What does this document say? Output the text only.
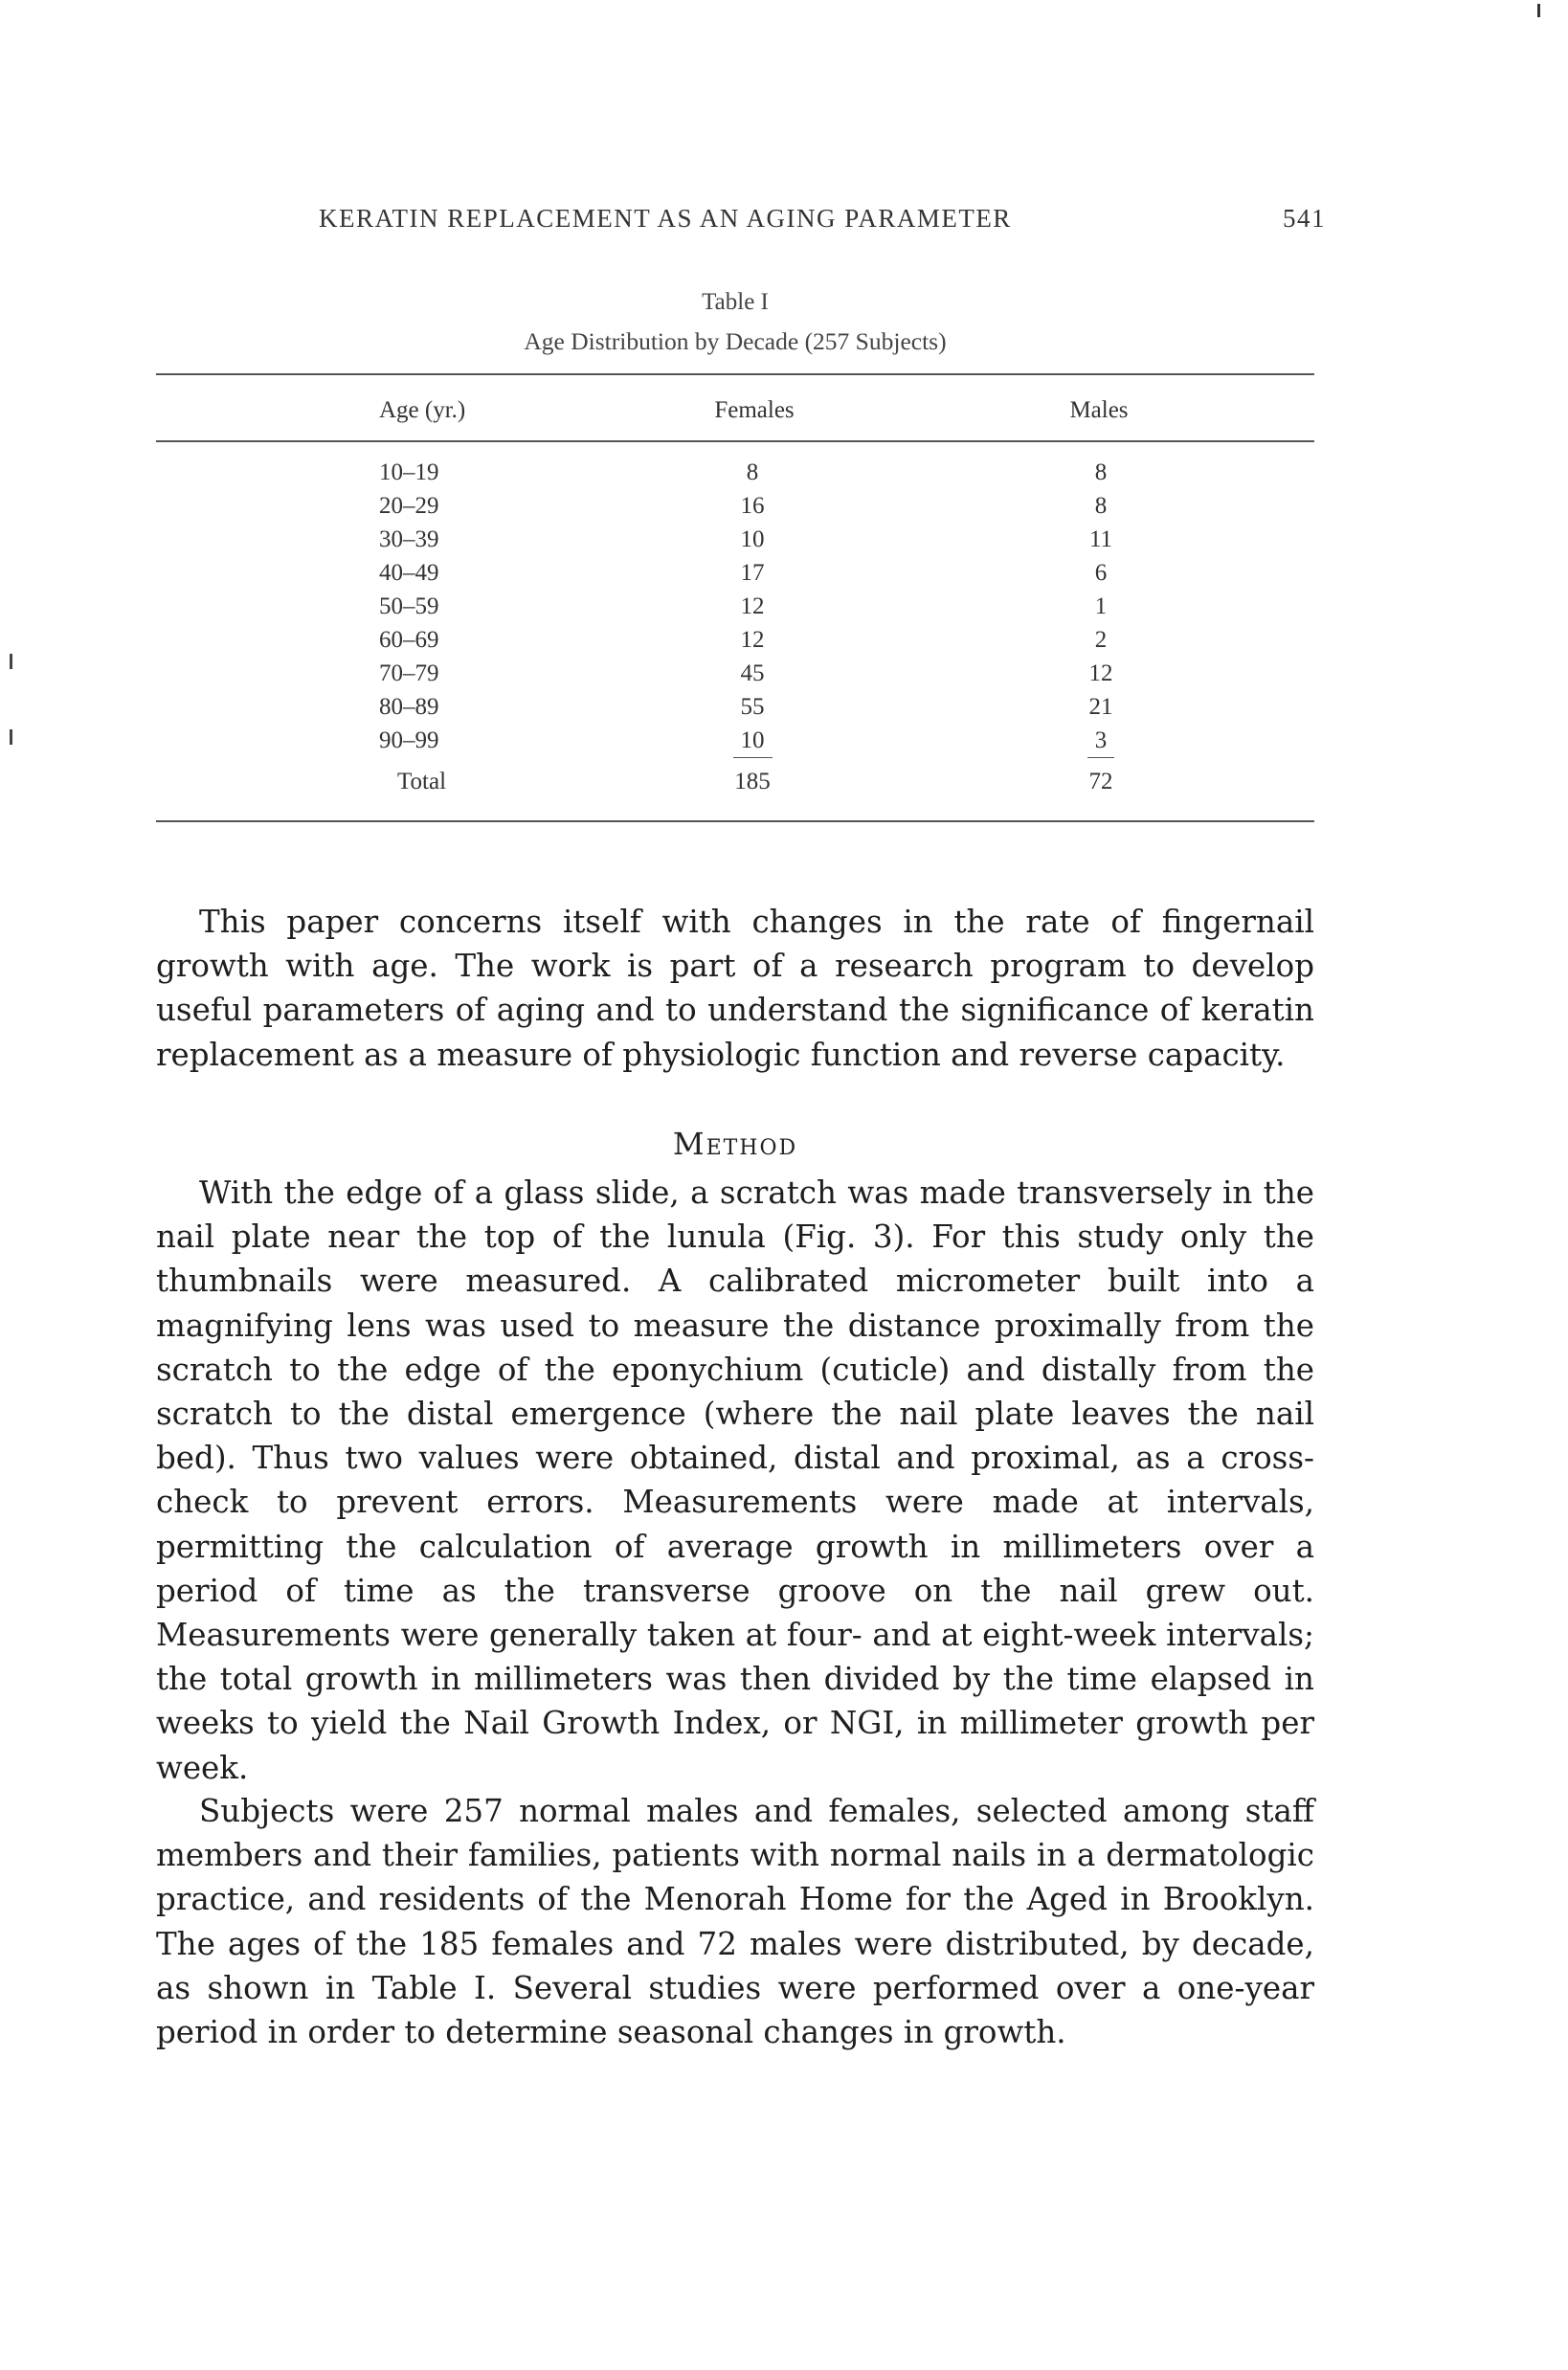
KERATIN REPLACEMENT AS AN AGING PARAMETER	541
Table I
Age Distribution by Decade (257 Subjects)
Age (yr.)	Females	Males
10–19	8	8
20–29	16	8
30–39	10	11
40–49	17	6
50–59	12	1
60–69	12	2
70–79	45	12
80–89	55	21
90–99	10	3
Total	185	72

This paper concerns itself with changes in the rate of fingernail growth with age. The work is part of a research program to develop useful parameters of aging and to understand the significance of keratin replacement as a measure of physiologic function and reverse capacity.

Method

With the edge of a glass slide, a scratch was made transversely in the nail plate near the top of the lunula (Fig. 3). For this study only the thumbnails were measured. A calibrated micrometer built into a magnifying lens was used to measure the distance proximally from the scratch to the edge of the eponychium (cuticle) and distally from the scratch to the distal emergence (where the nail plate leaves the nail bed). Thus two values were obtained, distal and proximal, as a cross-check to prevent errors. Measurements were made at intervals, permitting the calculation of average growth in millimeters over a period of time as the transverse groove on the nail grew out. Measurements were generally taken at four- and at eight-week intervals; the total growth in millimeters was then divided by the time elapsed in weeks to yield the Nail Growth Index, or NGI, in millimeter growth per week.

Subjects were 257 normal males and females, selected among staff members and their families, patients with normal nails in a dermatologic practice, and residents of the Menorah Home for the Aged in Brooklyn. The ages of the 185 females and 72 males were distributed, by decade, as shown in Table I. Several studies were performed over a one-year period in order to determine seasonal changes in growth.
